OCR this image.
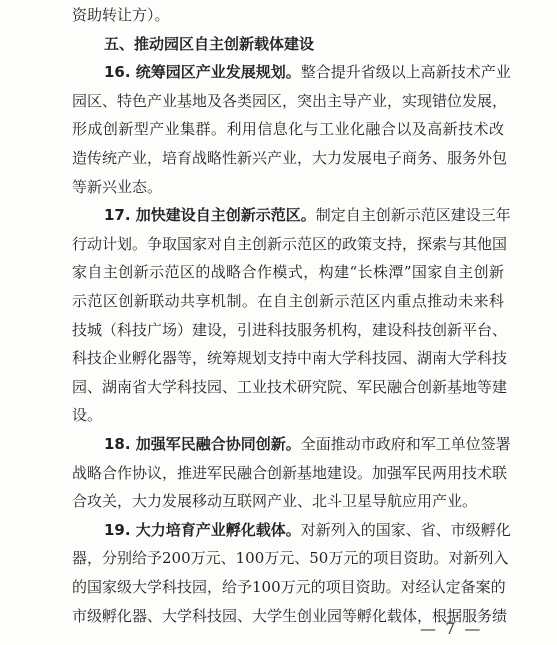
资助转让方）。
五、推动园区自主创新载体建设
16. 统筹园区产业发展规划。整合提升省级以上高新技术产业
园区、特色产业基地及各类园区，突出主导产业，实现错位发展，
形成创新型产业集群。利用信息化与工业化融合以及高新技术改
造传统产业，培育战略性新兴产业，大力发展电子商务、服务外包
等新兴业态。
17. 加快建设自主创新示范区。制定自主创新示范区建设三年
行动计划。争取国家对自主创新示范区的政策支持，探索与其他国
家自主创新示范区的战略合作模式，构建“长株潭”国家自主创新
示范区创新联动共享机制。在自主创新示范区内重点推动未来科
技城（科技广场）建设，引进科技服务机构，建设科技创新平台、
科技企业孵化器等，统筹规划支持中南大学科技园、湖南大学科技
园、湖南省大学科技园、工业技术研究院、军民融合创新基地等建
设。
18. 加强军民融合协同创新。全面推动市政府和军工单位签署
战略合作协议，推进军民融合创新基地建设。加强军民两用技术联
合攻关，大力发展移动互联网产业、北斗卫星导航应用产业。
19. 大力培育产业孵化载体。对新列入的国家、省、市级孵化
器，分别给予200万元、100万元、50万元的项目资助。对新列入
的国家级大学科技园，给予100万元的项目资助。对经认定备案的
市级孵化器、大学科技园、大学生创业园等孵化载体，根据服务绩
— 7 —
